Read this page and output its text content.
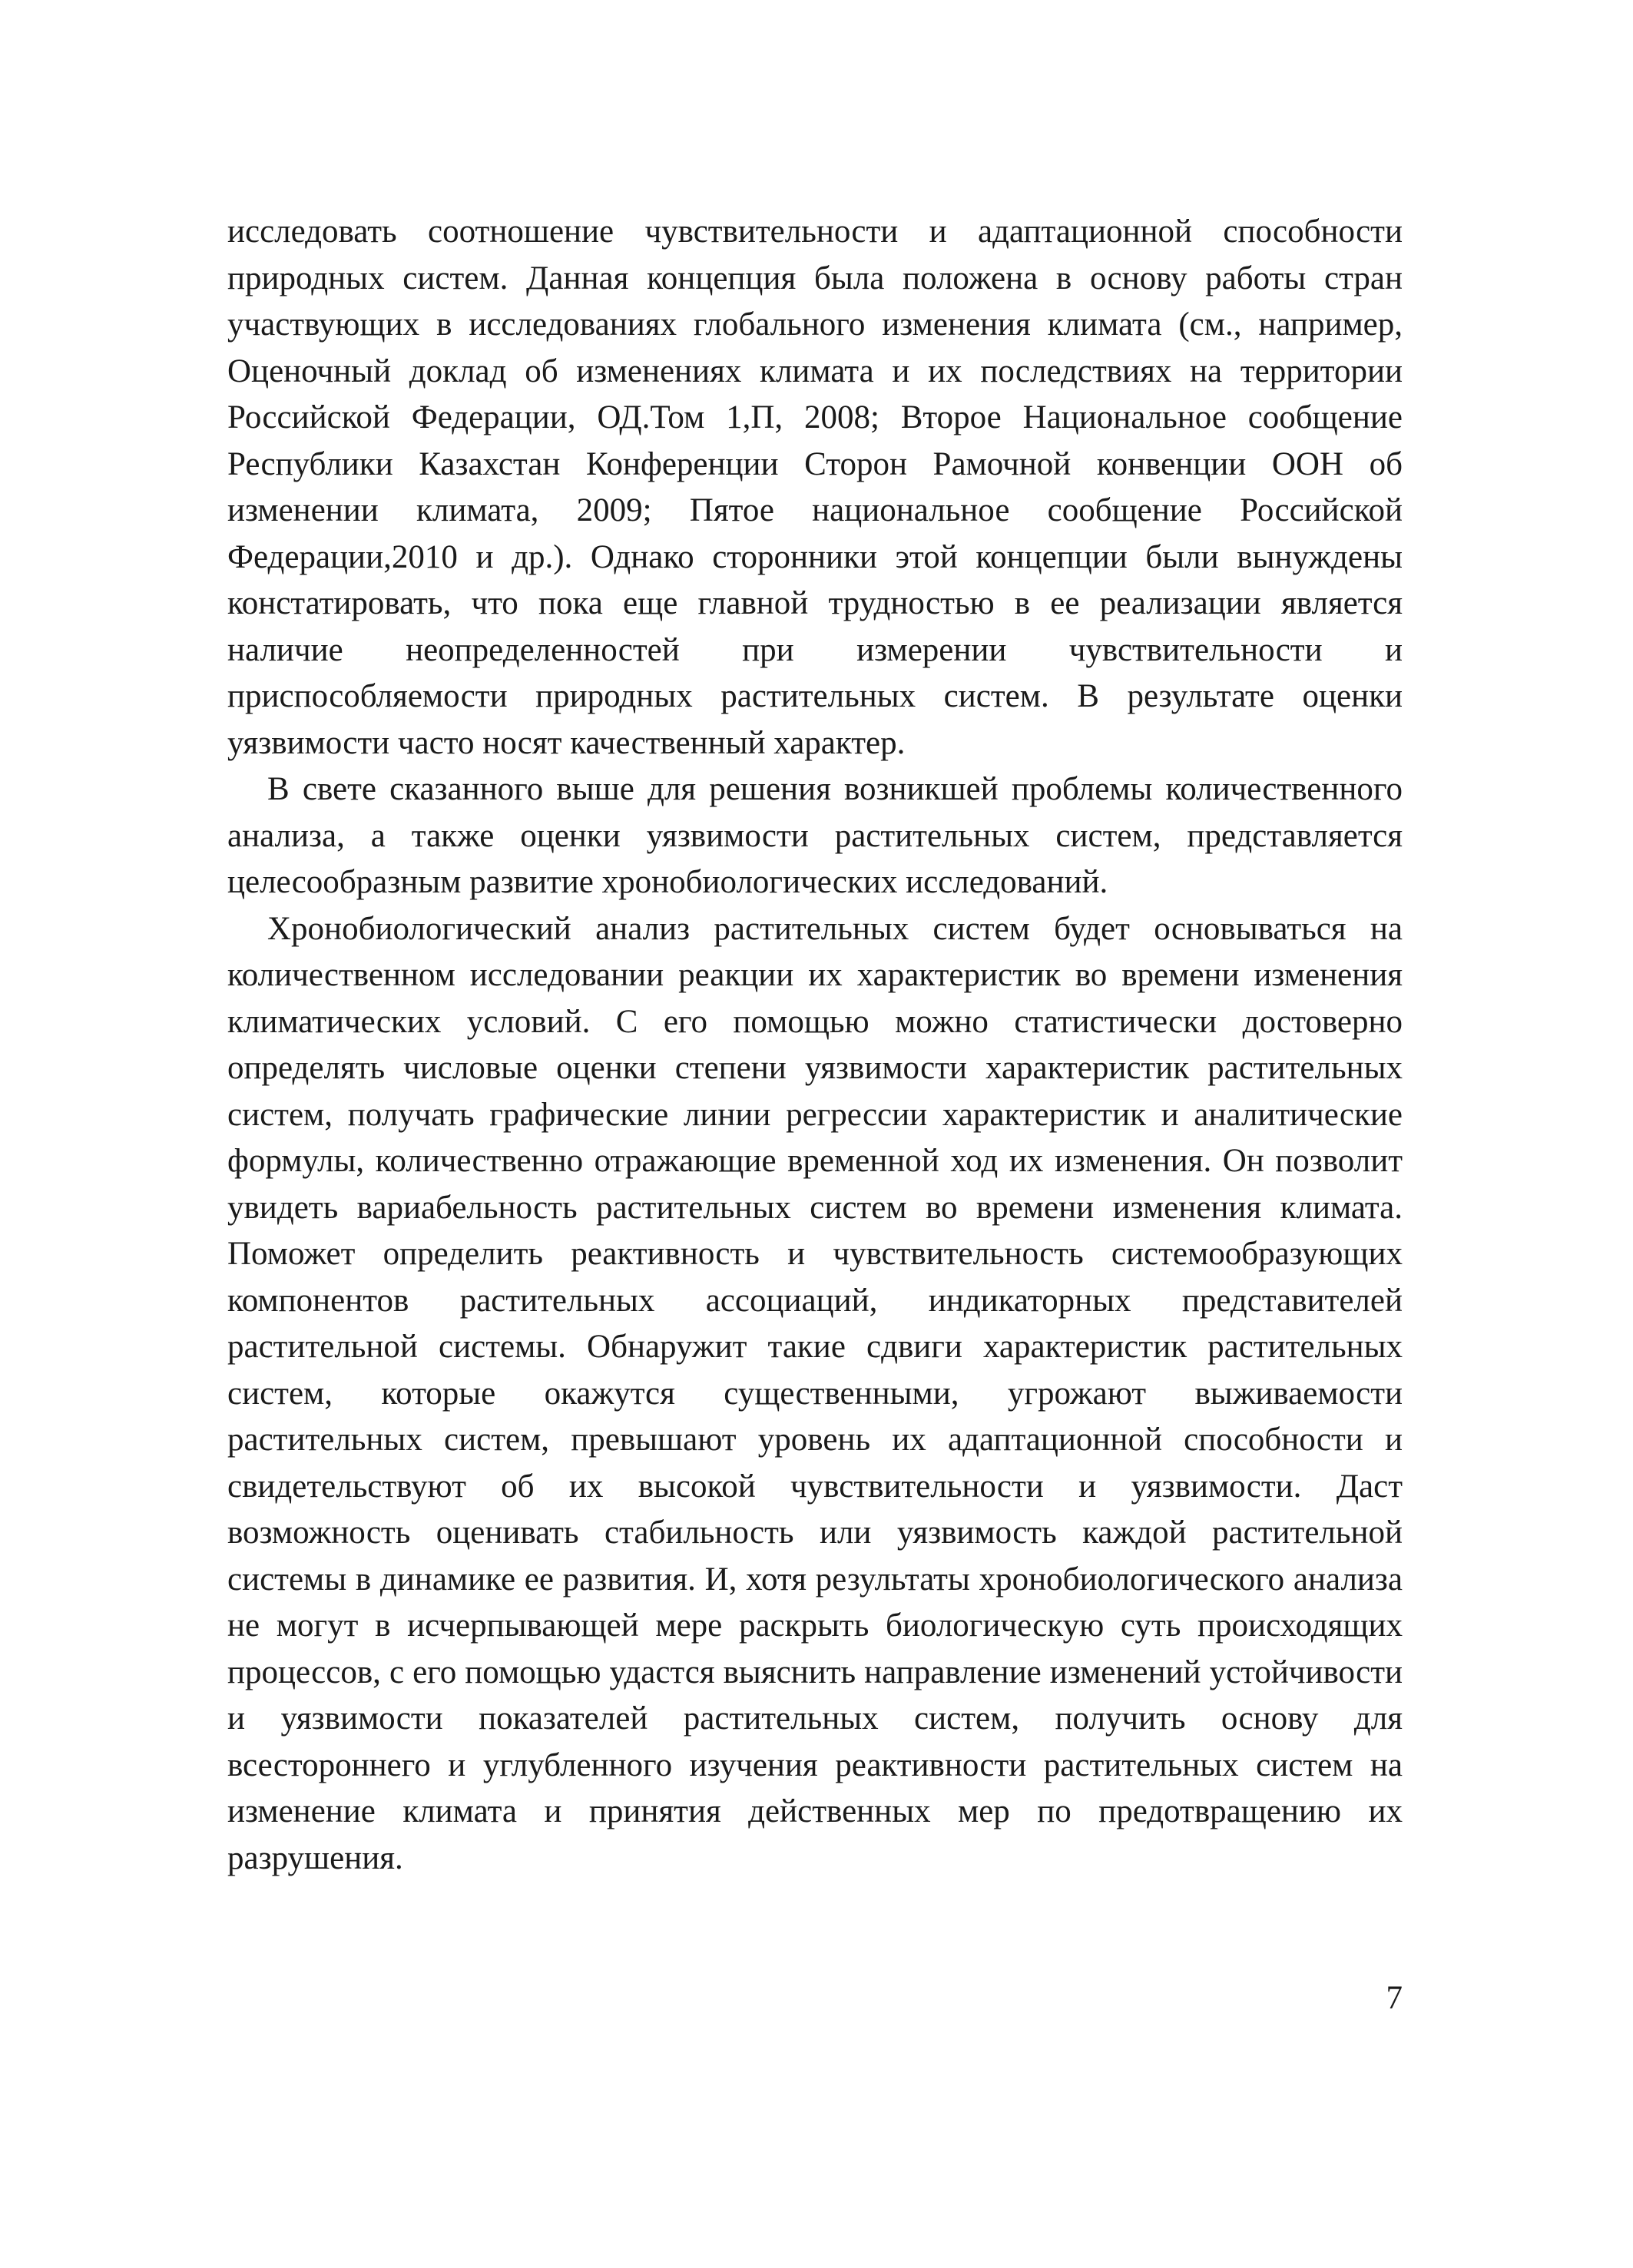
исследовать соотношение чувствительности и адаптационной способности природных систем. Данная концепция была положена в основу работы стран участвующих в исследованиях глобального изменения климата (см., например, Оценочный доклад об изменениях климата и их последствиях на территории Российской Федерации, ОД.Том 1,П, 2008; Второе Национальное сообщение Республики Казахстан Конференции Сторон Рамочной конвенции ООН об изменении климата, 2009; Пятое национальное сообщение Российской Федерации,2010 и др.). Однако сторонники этой концепции были вынуждены констатировать, что пока еще главной трудностью в ее реализации является наличие неопределенностей при измерении чувствительности и приспособляемости природных растительных систем. В результате оценки уязвимости часто носят качественный характер.

В свете сказанного выше для решения возникшей проблемы количественного анализа, а также оценки уязвимости растительных систем, представляется целесообразным развитие хронобиологических исследований.

Хронобиологический анализ растительных систем будет основываться на количественном исследовании реакции их характеристик во времени изменения климатических условий. С его помощью можно статистически достоверно определять числовые оценки степени уязвимости характеристик растительных систем, получать графические линии регрессии характеристик и аналитические формулы, количественно отражающие временной ход их изменения. Он позволит увидеть вариабельность растительных систем во времени изменения климата. Поможет определить реактивность и чувствительность системообразующих компонентов растительных ассоциаций, индикаторных представителей растительной системы. Обнаружит такие сдвиги характеристик растительных систем, которые окажутся существенными, угрожают выживаемости растительных систем, превышают уровень их адаптационной способности и свидетельствуют об их высокой чувствительности и уязвимости. Даст возможность оценивать стабильность или уязвимость каждой растительной системы в динамике ее развития. И, хотя результаты хронобиологического анализа не могут в исчерпывающей мере раскрыть биологическую суть происходящих процессов, с его помощью удастся выяснить направление изменений устойчивости и уязвимости показателей растительных систем, получить основу для всестороннего и углубленного изучения реактивности растительных систем на изменение климата и принятия действенных мер по предотвращению их разрушения.

7
